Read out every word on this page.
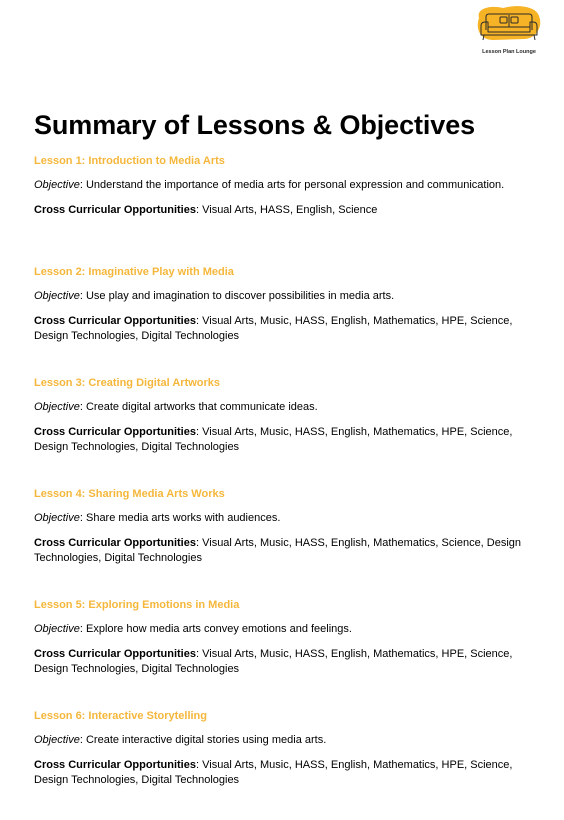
Lesson Plan Lounge
Summary of Lessons & Objectives
Lesson 1: Introduction to Media Arts
Objective: Understand the importance of media arts for personal expression and communication.
Cross Curricular Opportunities: Visual Arts, HASS, English, Science
Lesson 2: Imaginative Play with Media
Objective: Use play and imagination to discover possibilities in media arts.
Cross Curricular Opportunities: Visual Arts, Music, HASS, English, Mathematics, HPE, Science, Design Technologies, Digital Technologies
Lesson 3: Creating Digital Artworks
Objective: Create digital artworks that communicate ideas.
Cross Curricular Opportunities: Visual Arts, Music, HASS, English, Mathematics, HPE, Science, Design Technologies, Digital Technologies
Lesson 4: Sharing Media Arts Works
Objective: Share media arts works with audiences.
Cross Curricular Opportunities: Visual Arts, Music, HASS, English, Mathematics, Science, Design Technologies, Digital Technologies
Lesson 5: Exploring Emotions in Media
Objective: Explore how media arts convey emotions and feelings.
Cross Curricular Opportunities: Visual Arts, Music, HASS, English, Mathematics, HPE, Science, Design Technologies, Digital Technologies
Lesson 6: Interactive Storytelling
Objective: Create interactive digital stories using media arts.
Cross Curricular Opportunities: Visual Arts, Music, HASS, English, Mathematics, HPE, Science, Design Technologies, Digital Technologies
